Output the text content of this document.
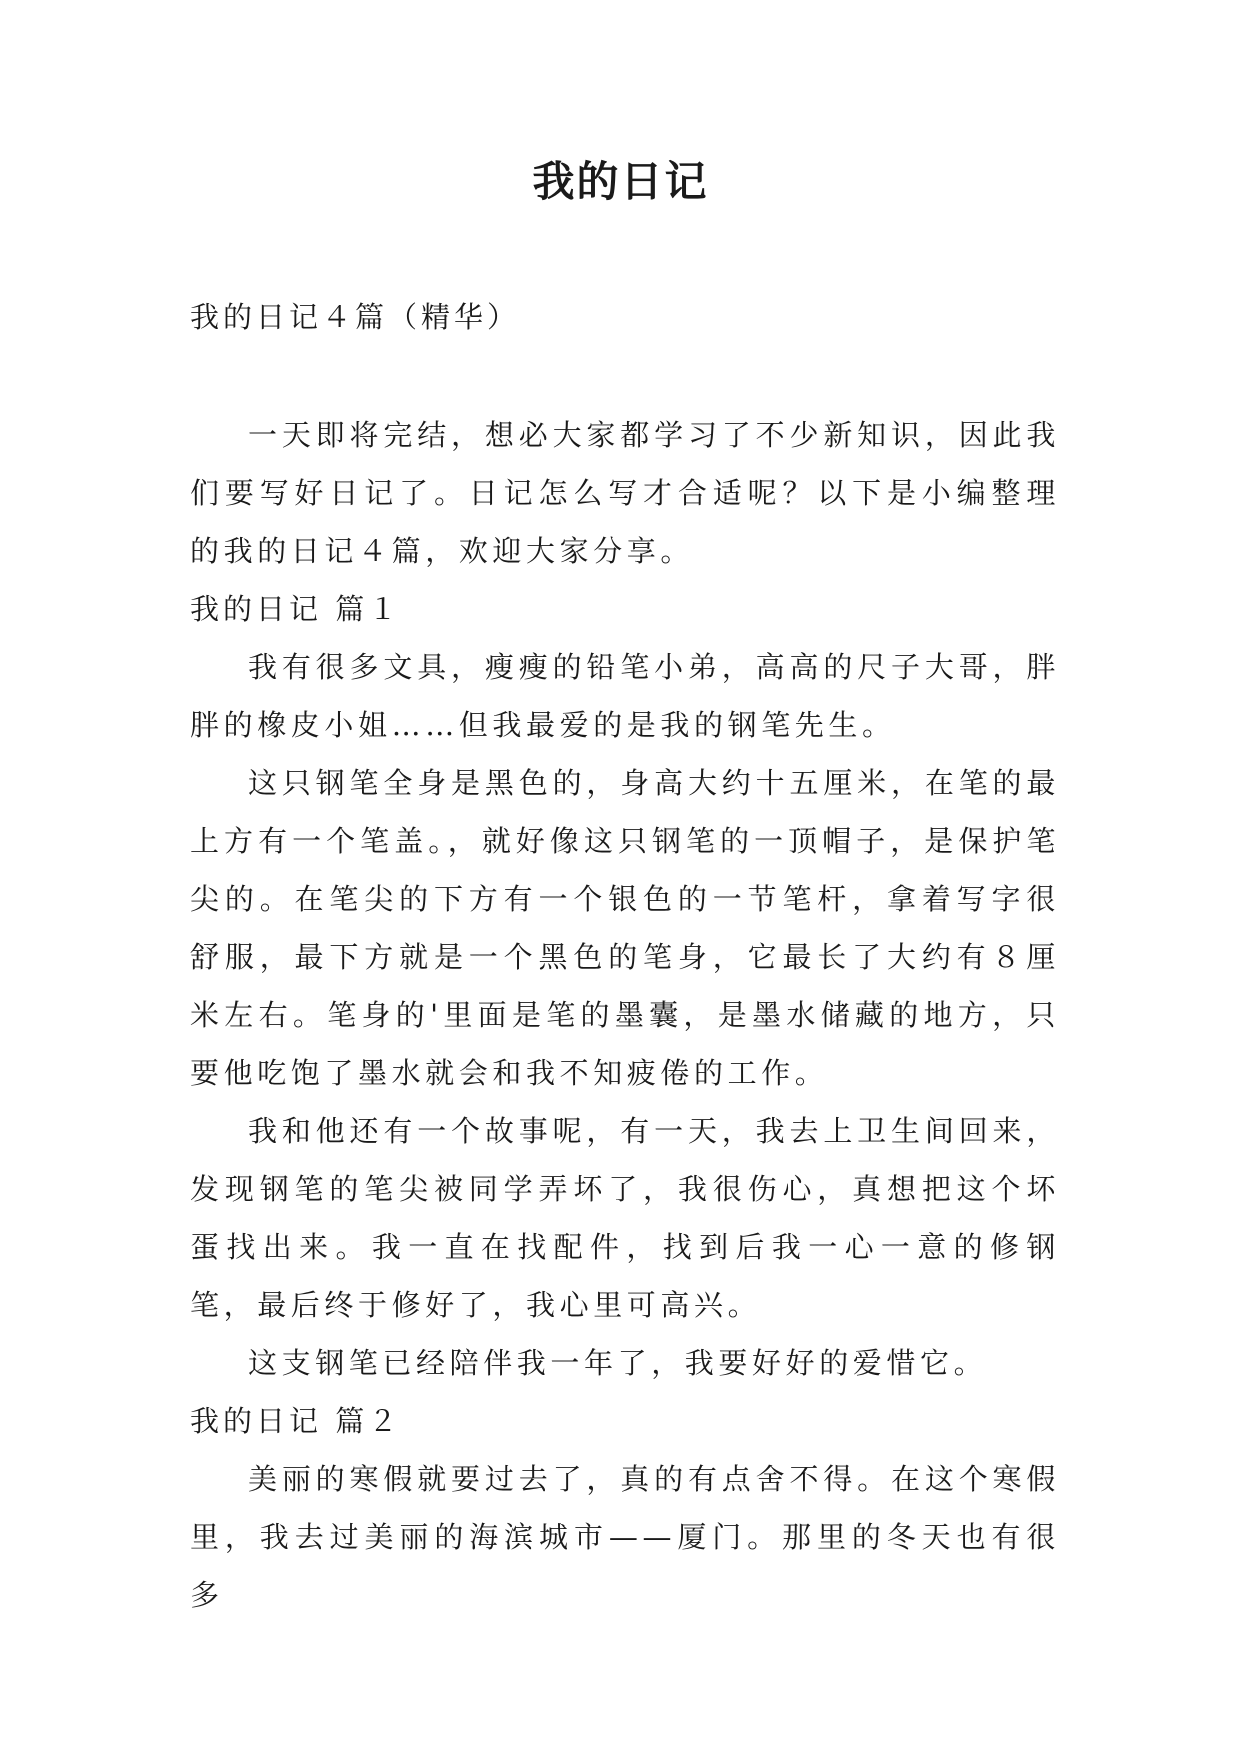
我的日记

我的日记４篇（精华）

一天即将完结，想必大家都学习了不少新知识，因此我们要写好日记了。日记怎么写才合适呢？以下是小编整理的我的日记４篇，欢迎大家分享。

我的日记 篇１

我有很多文具，瘦瘦的铅笔小弟，高高的尺子大哥，胖胖的橡皮小姐……但我最爱的是我的钢笔先生。

这只钢笔全身是黑色的，身高大约十五厘米，在笔的最上方有一个笔盖。，就好像这只钢笔的一顶帽子，是保护笔尖的。在笔尖的下方有一个银色的一节笔杆，拿着写字很舒服，最下方就是一个黑色的笔身，它最长了大约有８厘米左右。笔身的'里面是笔的墨囊，是墨水储藏的地方，只要他吃饱了墨水就会和我不知疲倦的工作。

我和他还有一个故事呢，有一天，我去上卫生间回来，发现钢笔的笔尖被同学弄坏了，我很伤心，真想把这个坏蛋找出来。我一直在找配件，找到后我一心一意的修钢笔，最后终于修好了，我心里可高兴。

这支钢笔已经陪伴我一年了，我要好好的爱惜它。

我的日记 篇２

美丽的寒假就要过去了，真的有点舍不得。在这个寒假里，我去过美丽的海滨城市——厦门。那里的冬天也有很多
